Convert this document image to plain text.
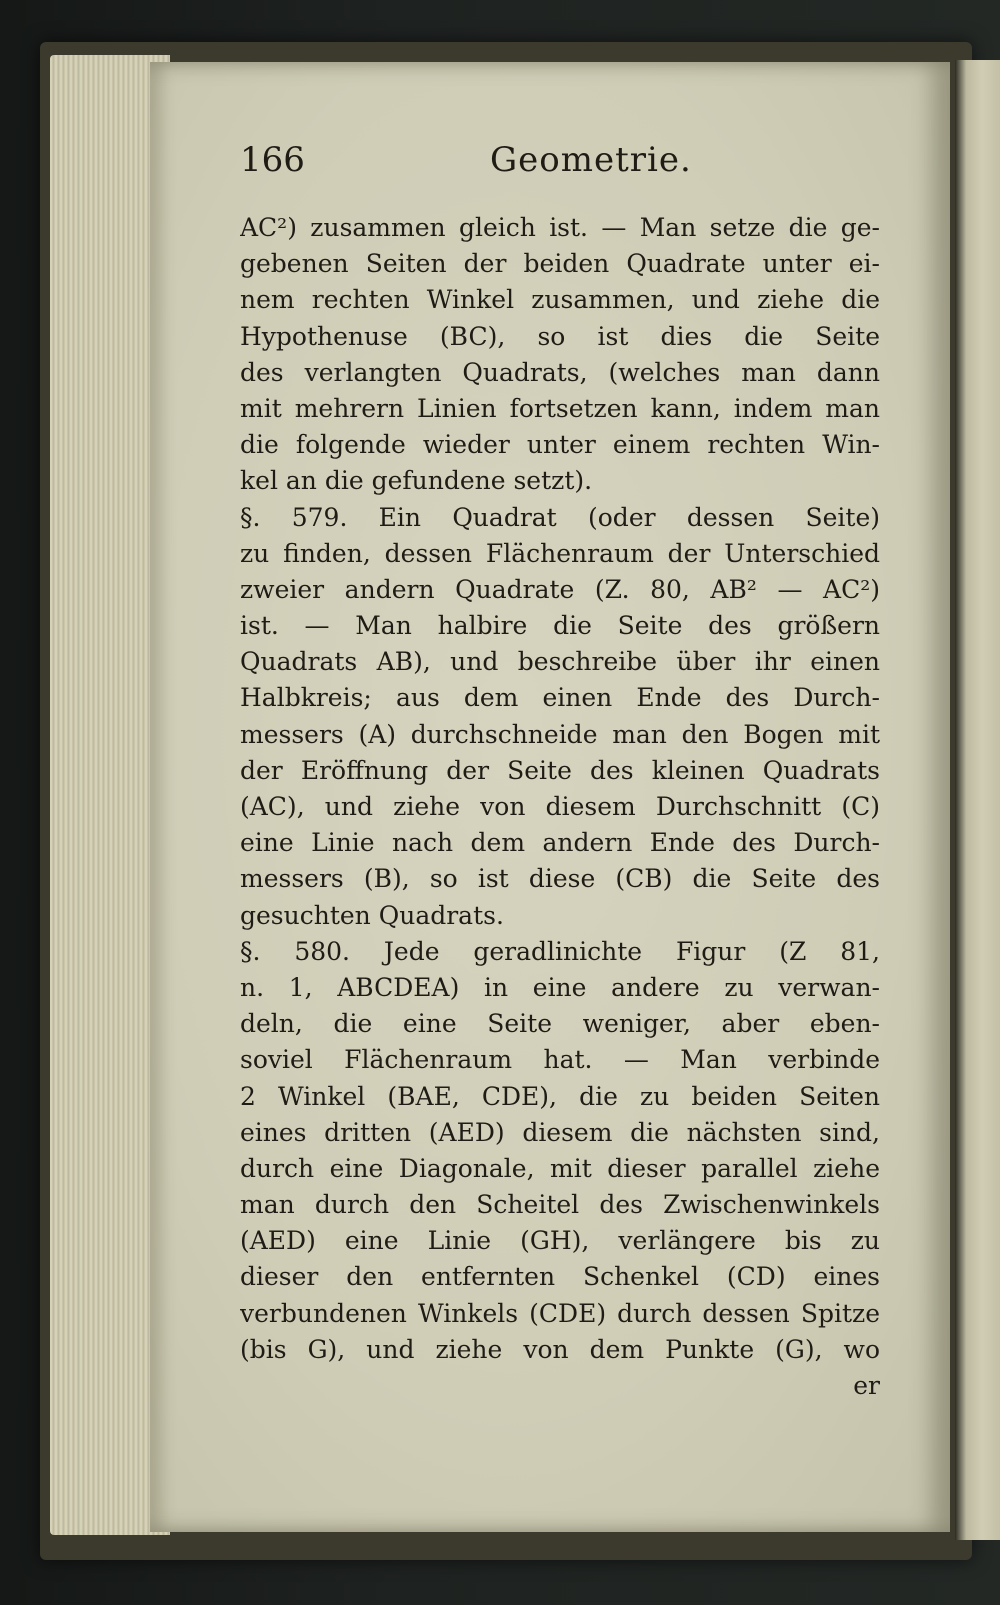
166	Geometrie.
AC²) zusammen gleich ist. — Man setze die ge-
gebenen Seiten der beiden Quadrate unter ei-
nem rechten Winkel zusammen, und ziehe die
Hypothenuse (BC), so ist dies die Seite
des verlangten Quadrats, (welches man dann
mit mehrern Linien fortsetzen kann, indem man
die folgende wieder unter einem rechten Win-
kel an die gefundene setzt).
§. 579. Ein Quadrat (oder dessen Seite)
zu finden, dessen Flächenraum der Unterschied
zweier andern Quadrate (Z. 80, AB² — AC²)
ist. — Man halbire die Seite des größern
Quadrats AB), und beschreibe über ihr einen
Halbkreis; aus dem einen Ende des Durch-
messers (A) durchschneide man den Bogen mit
der Eröffnung der Seite des kleinen Quadrats
(AC), und ziehe von diesem Durchschnitt (C)
eine Linie nach dem andern Ende des Durch-
messers (B), so ist diese (CB) die Seite des
gesuchten Quadrats.
§. 580. Jede geradlinichte Figur (Z 81,
n. 1, ABCDEA) in eine andere zu verwan-
deln, die eine Seite weniger, aber eben-
soviel Flächenraum hat. — Man verbinde
2 Winkel (BAE, CDE), die zu beiden Seiten
eines dritten (AED) diesem die nächsten sind,
durch eine Diagonale, mit dieser parallel ziehe
man durch den Scheitel des Zwischenwinkels
(AED) eine Linie (GH), verlängere bis zu
dieser den entfernten Schenkel (CD) eines
verbundenen Winkels (CDE) durch dessen Spitze
(bis G), und ziehe von dem Punkte (G), wo
er
